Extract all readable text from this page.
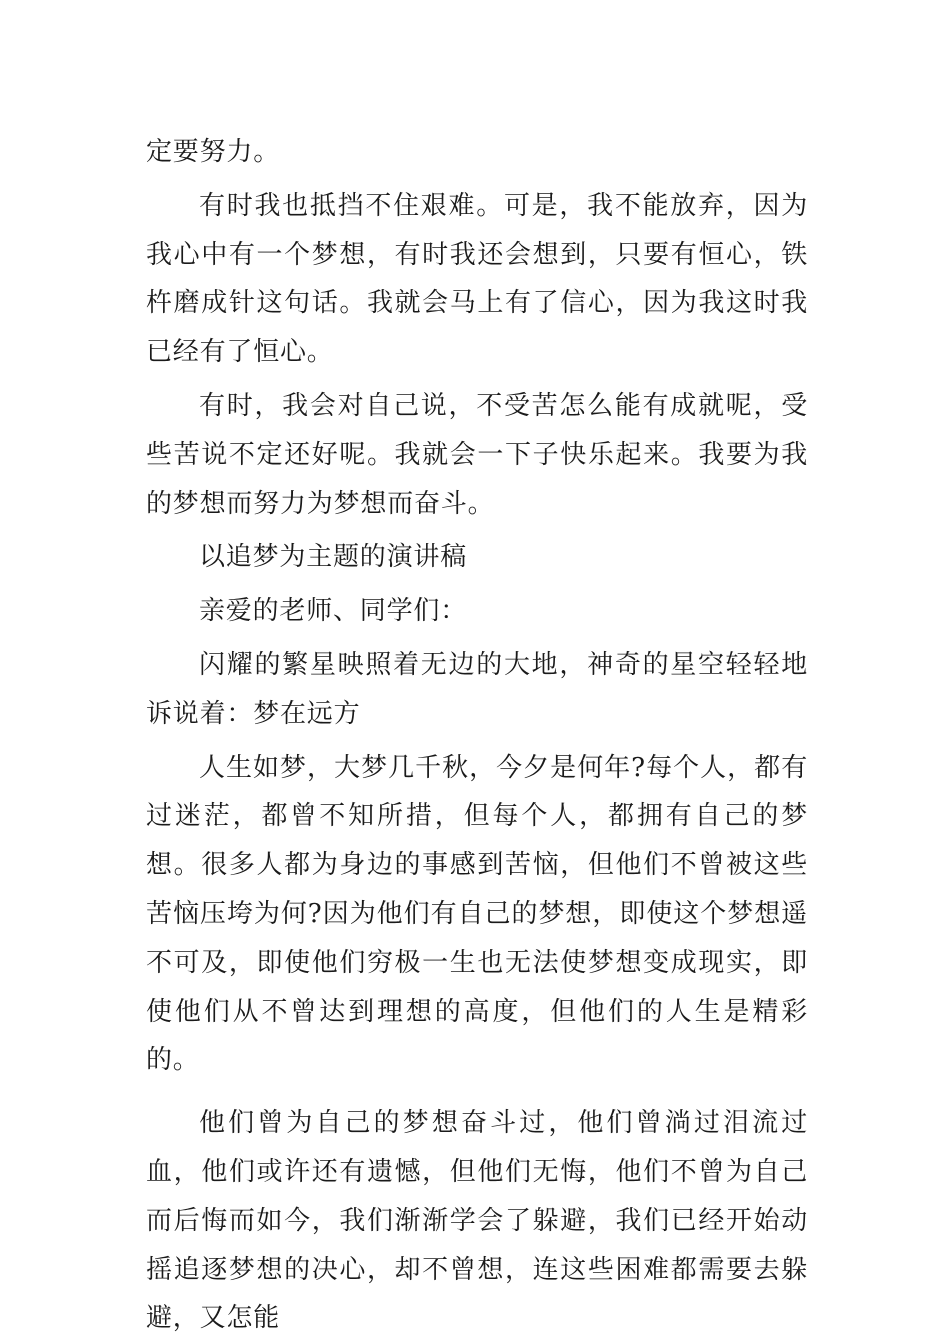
定要努力。

有时我也抵挡不住艰难。可是，我不能放弃，因为我心中有一个梦想，有时我还会想到，只要有恒心，铁杵磨成针这句话。我就会马上有了信心，因为我这时我已经有了恒心。

有时，我会对自己说，不受苦怎么能有成就呢，受些苦说不定还好呢。我就会一下子快乐起来。我要为我的梦想而努力为梦想而奋斗。

以追梦为主题的演讲稿

亲爱的老师、同学们：

闪耀的繁星映照着无边的大地，神奇的星空轻轻地诉说着：梦在远方

人生如梦，大梦几千秋，今夕是何年?每个人，都有过迷茫，都曾不知所措，但每个人，都拥有自己的梦想。很多人都为身边的事感到苦恼，但他们不曾被这些苦恼压垮为何?因为他们有自己的梦想，即使这个梦想遥不可及，即使他们穷极一生也无法使梦想变成现实，即使他们从不曾达到理想的高度，但他们的人生是精彩的。

他们曾为自己的梦想奋斗过，他们曾淌过泪流过血，他们或许还有遗憾，但他们无悔，他们不曾为自己而后悔而如今，我们渐渐学会了躲避，我们已经开始动摇追逐梦想的决心，却不曾想，连这些困难都需要去躲避，又怎能
